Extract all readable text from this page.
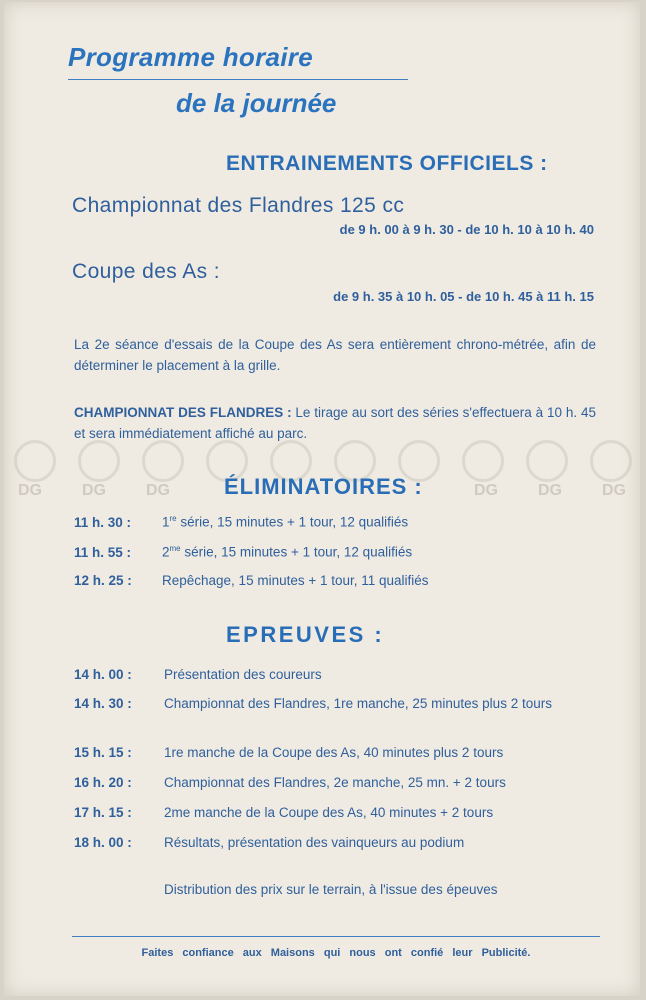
Programme horaire
de la journée
ENTRAINEMENTS OFFICIELS :
Championnat des Flandres 125 cc
de 9 h. 00 à 9 h. 30 - de 10 h. 10 à 10 h. 40
Coupe des As :
de 9 h. 35 à 10 h. 05 - de 10 h. 45 à 11 h. 15
La 2e séance d'essais de la Coupe des As sera entièrement chrono-métrée, afin de déterminer le placement à la grille.
CHAMPIONNAT DES FLANDRES : Le tirage au sort des séries s'effectuera à 10 h. 45 et sera immédiatement affiché au parc.
DG	DG	DG	DG	DG	DG
ÉLIMINATOIRES :
11 h. 30 : 1re série, 15 minutes + 1 tour, 12 qualifiés
11 h. 55 : $2^{me}$ série, 15 minutes + 1 tour, 12 qualifiés
12 h. 25 : Repêchage, 15 minutes + 1 tour, 11 qualifiés
EPREUVES :
14 h. 00 :	Présentation des coureurs
14 h. 30 :	Championnat des Flandres, 1re manche, 25 minutes plus 2 tours
15 h. 15 :	1re manche de la Coupe des As, 40 minutes plus 2 tours
16 h. 20 :	Championnat des Flandres, 2e manche, 25 mn. + 2 tours
17 h. 15 :	2me manche de la Coupe des As, 40 minutes + 2 tours
18 h. 00 :	Résultats, présentation des vainqueurs au podium
Distribution des prix sur le terrain, à l'issue des épeuves
Faites confiance aux Maisons qui nous ont confié leur Publicité.
